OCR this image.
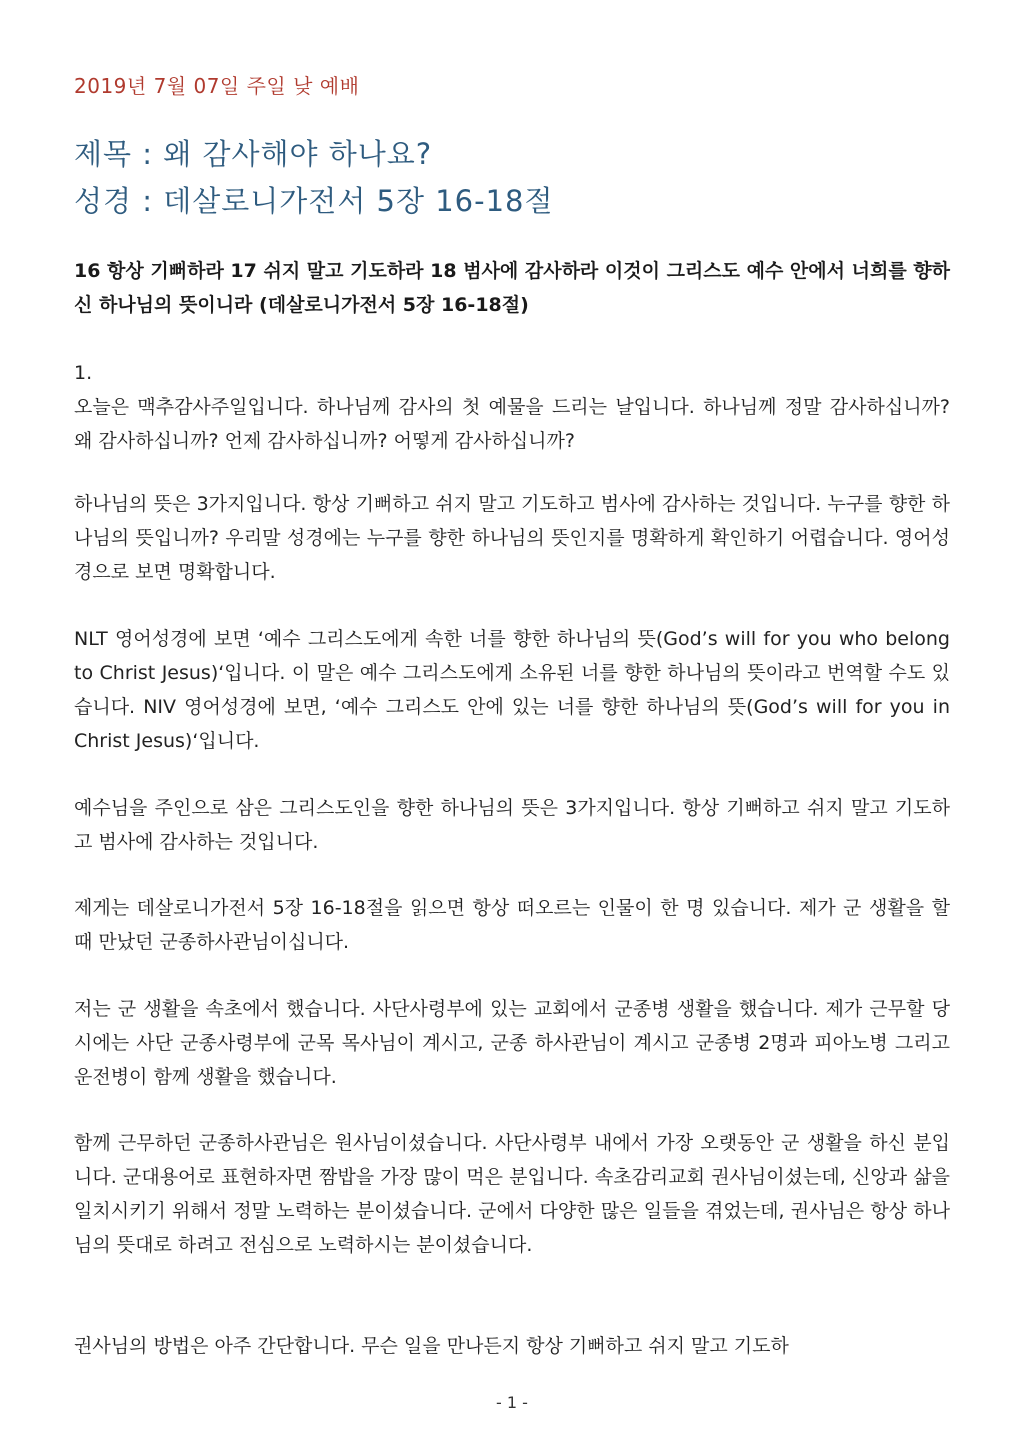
2019년 7월 07일 주일 낮 예배
제목 : 왜 감사해야 하나요?
성경 : 데살로니가전서 5장 16-18절
16 항상 기뻐하라 17 쉬지 말고 기도하라 18 범사에 감사하라 이것이 그리스도 예수 안에서 너희를 향하신 하나님의 뜻이니라 (데살로니가전서 5장 16-18절)
1.
오늘은 맥추감사주일입니다. 하나님께 감사의 첫 예물을 드리는 날입니다. 하나님께 정말 감사하십니까? 왜 감사하십니까? 언제 감사하십니까? 어떻게 감사하십니까?
하나님의 뜻은 3가지입니다. 항상 기뻐하고 쉬지 말고 기도하고 범사에 감사하는 것입니다. 누구를 향한 하나님의 뜻입니까? 우리말 성경에는 누구를 향한 하나님의 뜻인지를 명확하게 확인하기 어렵습니다. 영어성경으로 보면 명확합니다.
NLT 영어성경에 보면 ‘예수 그리스도에게 속한 너를 향한 하나님의 뜻(God’s will for you who belong to Christ Jesus)‘입니다. 이 말은 예수 그리스도에게 소유된 너를 향한 하나님의 뜻이라고 번역할 수도 있습니다. NIV 영어성경에 보면, ‘예수 그리스도 안에 있는 너를 향한 하나님의 뜻(God’s will for you in Christ Jesus)‘입니다.
예수님을 주인으로 삼은 그리스도인을 향한 하나님의 뜻은 3가지입니다. 항상 기뻐하고 쉬지 말고 기도하고 범사에 감사하는 것입니다.
제게는 데살로니가전서 5장 16-18절을 읽으면 항상 떠오르는 인물이 한 명 있습니다. 제가 군 생활을 할 때 만났던 군종하사관님이십니다.
저는 군 생활을 속초에서 했습니다. 사단사령부에 있는 교회에서 군종병 생활을 했습니다. 제가 근무할 당시에는 사단 군종사령부에 군목 목사님이 계시고, 군종 하사관님이 계시고 군종병 2명과 피아노병 그리고 운전병이 함께 생활을 했습니다.
함께 근무하던 군종하사관님은 원사님이셨습니다. 사단사령부 내에서 가장 오랫동안 군 생활을 하신 분입니다. 군대용어로 표현하자면 짬밥을 가장 많이 먹은 분입니다. 속초감리교회 권사님이셨는데, 신앙과 삶을 일치시키기 위해서 정말 노력하는 분이셨습니다. 군에서 다양한 많은 일들을 겪었는데, 권사님은 항상 하나님의 뜻대로 하려고 전심으로 노력하시는 분이셨습니다.
권사님의 방법은 아주 간단합니다. 무슨 일을 만나든지 항상 기뻐하고 쉬지 말고 기도하
- 1 -
